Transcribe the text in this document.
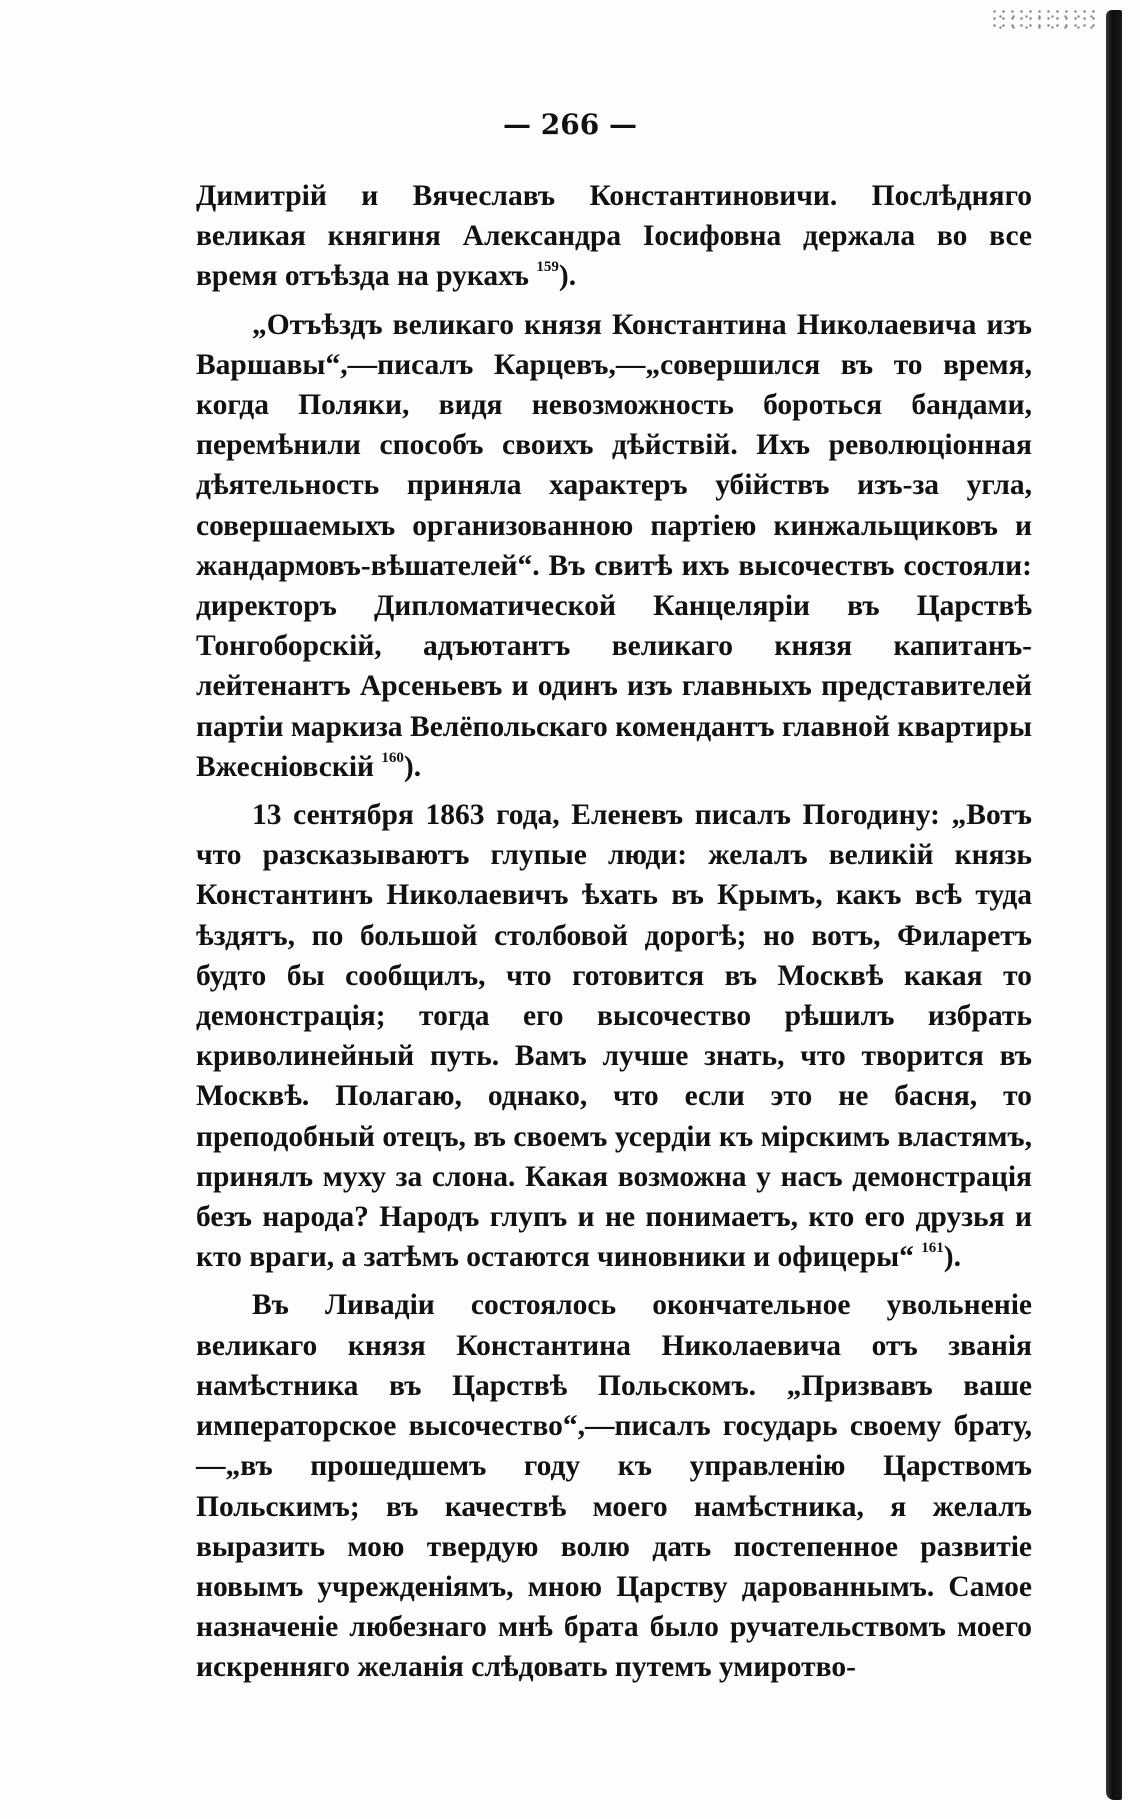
— 266 —

Димитрій и Вячеславъ Константиновичи. Послѣдняго великая княгиня Александра Іосифовна держала во все время отъѣзда на рукахъ $^{159}$).

„Отъѣздъ великаго князя Константина Николаевича изъ Варшавы“,—писалъ Карцевъ,—„совершился въ то время, когда Поляки, видя невозможность бороться бандами, перемѣнили способъ своихъ дѣйствій. Ихъ революціонная дѣятельность приняла характеръ убійствъ изъ-за угла, совершаемыхъ организованною партіею кинжальщиковъ и жандармовъ-вѣшателей“. Въ свитѣ ихъ высочествъ состояли: директоръ Дипломатической Канцеляріи въ Царствѣ Тонгоборскій, адъютантъ великаго князя капитанъ-лейтенантъ Арсеньевъ и одинъ изъ главныхъ представителей партіи маркиза Велёпольскаго комендантъ главной квартиры Вжесніовскій $^{160}$).

13 сентября 1863 года, Еленевъ писалъ Погодину: „Вотъ что разсказываютъ глупые люди: желалъ великій князь Константинъ Николаевичъ ѣхать въ Крымъ, какъ всѣ туда ѣздятъ, по большой столбовой дорогѣ; но вотъ, Филаретъ будто бы сообщилъ, что готовится въ Москвѣ какая то демонстрація; тогда его высочество рѣшилъ избрать криволинейный путь. Вамъ лучше знать, что творится въ Москвѣ. Полагаю, однако, что если это не басня, то преподобный отецъ, въ своемъ усердіи къ мірскимъ властямъ, принялъ муху за слона. Какая возможна у насъ демонстрація безъ народа? Народъ глупъ и не понимаетъ, кто его друзья и кто враги, а затѣмъ остаются чиновники и офицеры“ $^{161}$).

Въ Ливадіи состоялось окончательное увольненіе великаго князя Константина Николаевича отъ званія намѣстника въ Царствѣ Польскомъ. „Призвавъ ваше императорское высочество“,—писалъ государь своему брату,—„въ прошедшемъ году къ управленію Царствомъ Польскимъ; въ качествѣ моего намѣстника, я желалъ выразить мою твердую волю дать постепенное развитіе новымъ учрежденіямъ, мною Царству дарованнымъ. Самое назначеніе любезнаго мнѣ брата было ручательствомъ моего искренняго желанія слѣдовать путемъ умиротво-
